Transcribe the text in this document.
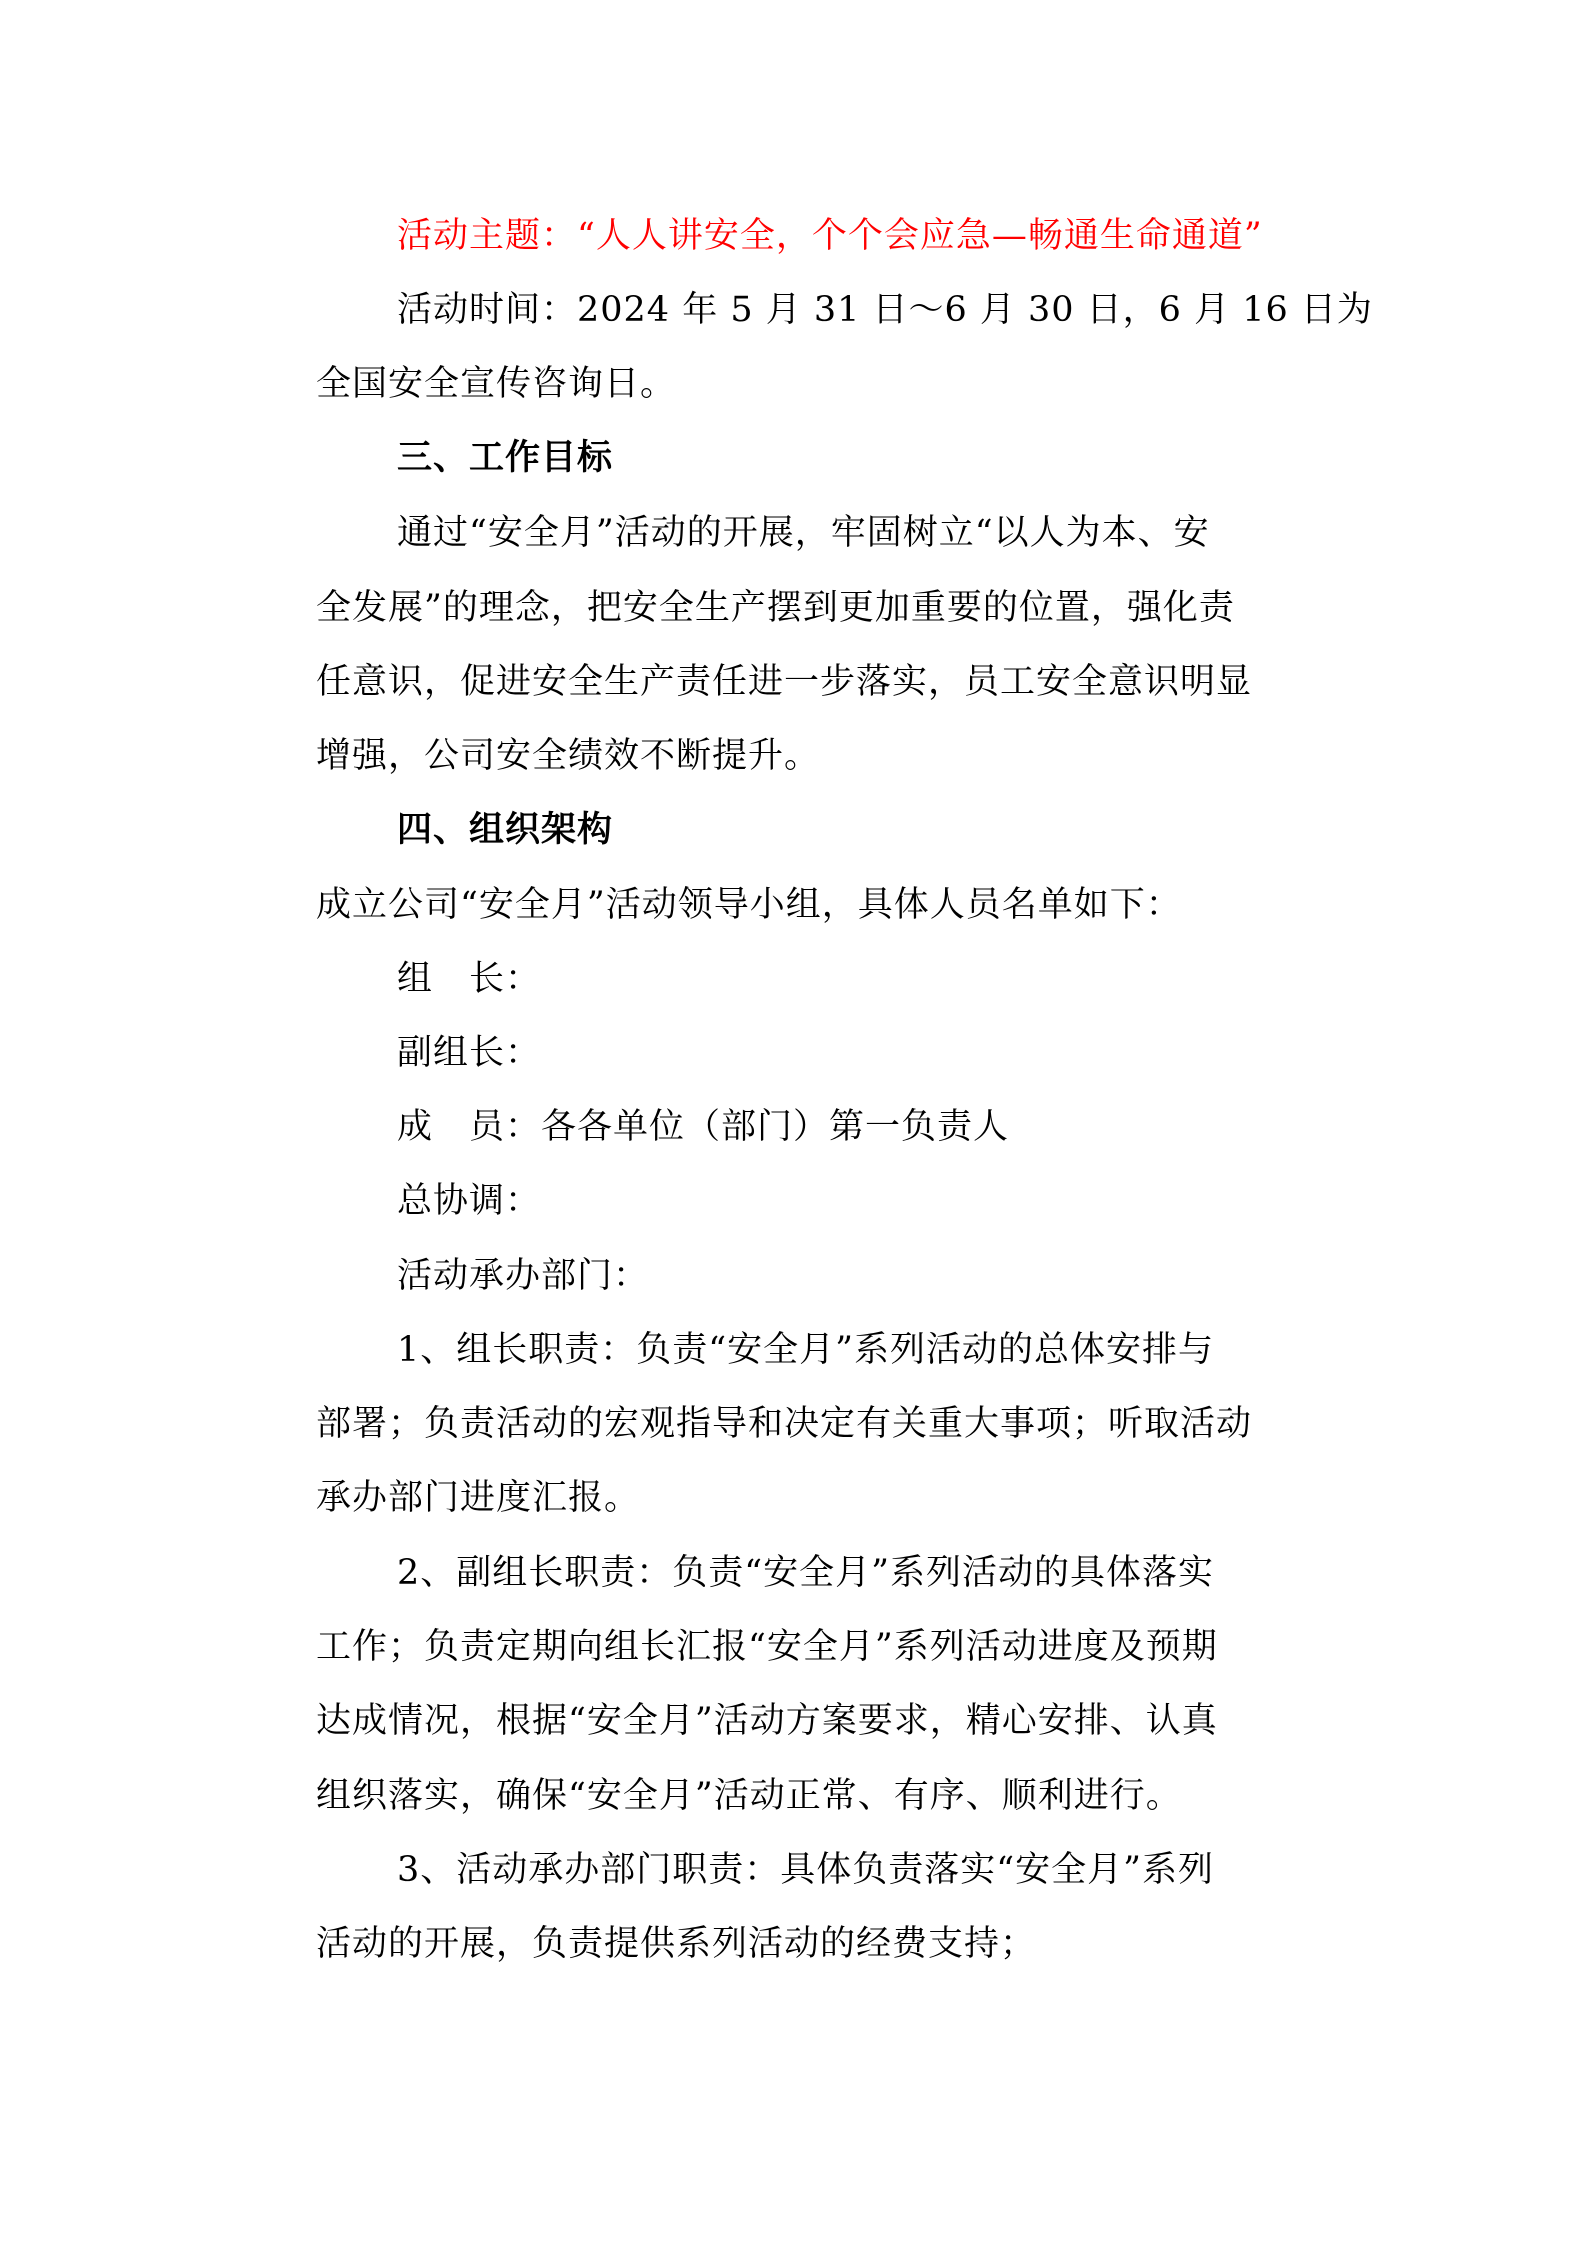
活动主题：“人人讲安全，个个会应急—畅通生命通道”
活动时间：2024 年 5 月 31 日～6 月 30 日，6 月 16 日为
全国安全宣传咨询日。
三、工作目标
通过“安全月”活动的开展，牢固树立“以人为本、安
全发展”的理念，把安全生产摆到更加重要的位置，强化责
任意识，促进安全生产责任进一步落实，员工安全意识明显
增强，公司安全绩效不断提升。
四、组织架构
成立公司“安全月”活动领导小组，具体人员名单如下：
组　长：
副组长：
成　员：各各单位（部门）第一负责人
总协调：
活动承办部门：
1、组长职责：负责“安全月”系列活动的总体安排与
部署；负责活动的宏观指导和决定有关重大事项；听取活动
承办部门进度汇报。
2、副组长职责：负责“安全月”系列活动的具体落实
工作；负责定期向组长汇报“安全月”系列活动进度及预期
达成情况，根据“安全月”活动方案要求，精心安排、认真
组织落实，确保“安全月”活动正常、有序、顺利进行。
3、活动承办部门职责：具体负责落实“安全月”系列
活动的开展，负责提供系列活动的经费支持；
